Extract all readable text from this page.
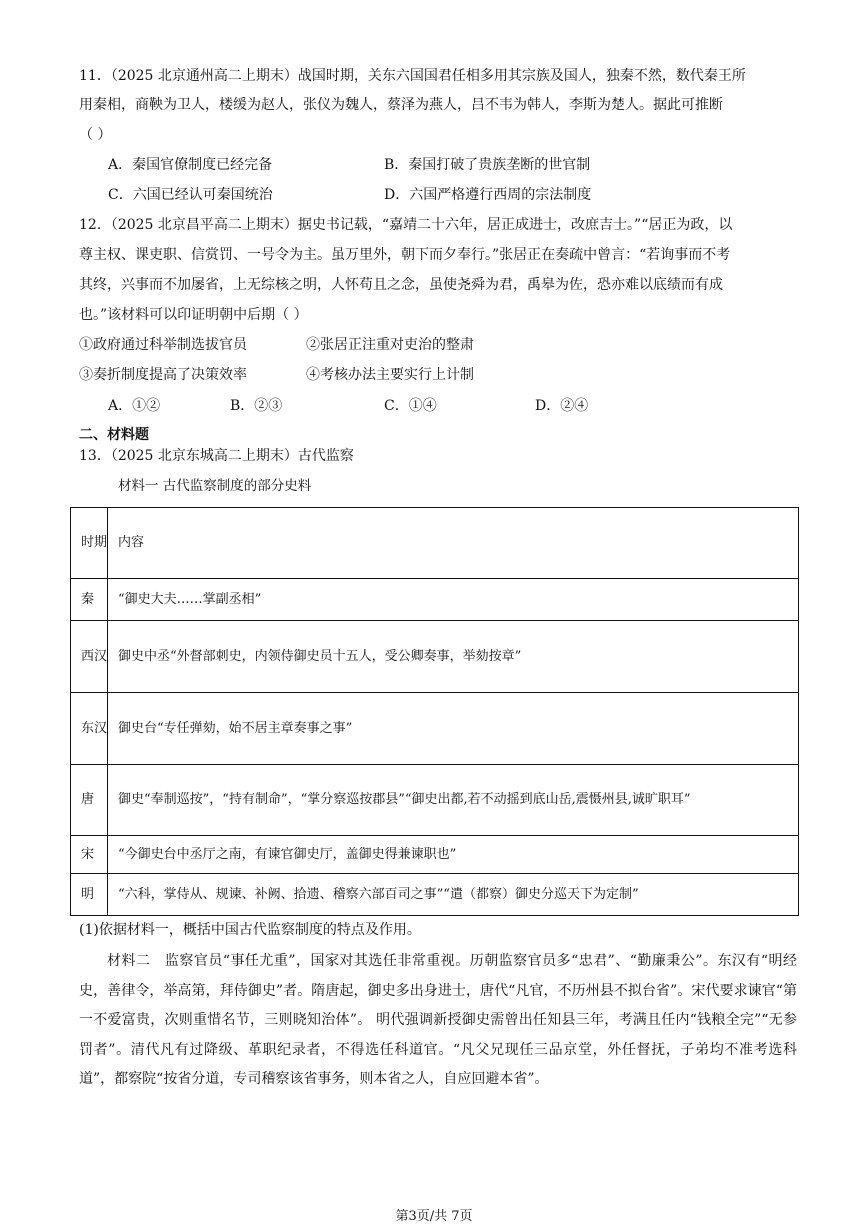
11．（2025 北京通州高二上期末）战国时期，关东六国国君任相多用其宗族及国人，独秦不然，数代秦王所
用秦相，商鞅为卫人，楼缓为赵人，张仪为魏人，蔡泽为燕人，吕不韦为韩人，李斯为楚人。据此可推断
（ ）
A．秦国官僚制度已经完备	B．秦国打破了贵族垄断的世官制
C．六国已经认可秦国统治	D．六国严格遵行西周的宗法制度
12．（2025 北京昌平高二上期末）据史书记载，“嘉靖二十六年，居正成进士，改庶吉士。”“居正为政，以
尊主权、课吏职、信赏罚、一号令为主。虽万里外，朝下而夕奉行。”张居正在奏疏中曾言：“若询事而不考
其终，兴事而不加屡省，上无综核之明，人怀苟且之念，虽使尧舜为君，禹皋为佐，恐亦难以底绩而有成
也。”该材料可以印证明朝中后期（ ）
①政府通过科举制选拔官员	②张居正注重对吏治的整肃
③奏折制度提高了决策效率	④考核办法主要实行上计制
A．①②	B．②③	C．①④	D．②④
二、材料题
13．（2025 北京东城高二上期末）古代监察
材料一 古代监察制度的部分史料
时期	内容
秦	“御史大夫……掌副丞相”
西汉	御史中丞“外督部刺史，内领侍御史员十五人，受公卿奏事，举劾按章”
东汉	御史台“专任弹劾，始不居主章奏事之事”
唐	御史“奉制巡按”，“持有制命”，“掌分察巡按郡县”“御史出都,若不动摇到底山岳,震慑州县,诚旷职耳”
宋	“今御史台中丞厅之南，有谏官御史厅，盖御史得兼谏职也”
明	“六科，掌侍从、规谏、补阙、拾遗、稽察六部百司之事”“遣（都察）御史分巡天下为定制”
(1)依据材料一，概括中国古代监察制度的特点及作用。
材料二　监察官员“事任尤重”，国家对其选任非常重视。历朝监察官员多“忠君”、“勤廉秉公”。东汉有“明经史，善律令，举高第，拜侍御史”者。隋唐起，御史多出身进士，唐代“凡官，不历州县不拟台省”。宋代要求谏官“第一不爱富贵，次则重惜名节，三则晓知治体”。 明代强调新授御史需曾出任知县三年，考满且任内“钱粮全完”“无参罚者”。清代凡有过降级、革职纪录者，不得选任科道官。“凡父兄现任三品京堂，外任督抚，子弟均不准考选科道”，都察院“按省分道，专司稽察该省事务，则本省之人，自应回避本省”。
第3页/共 7页
